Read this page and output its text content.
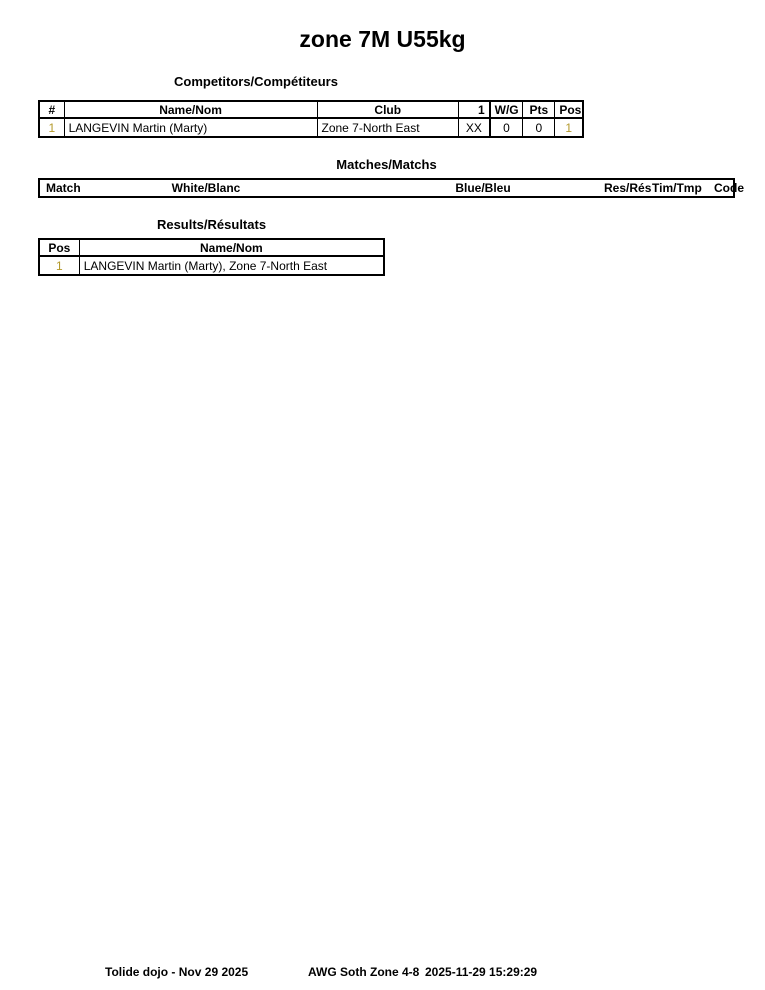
zone 7M U55kg
Competitors/Compétiteurs
#	Name/Nom	Club	1	W/G	Pts	Pos
1	LANGEVIN Martin (Marty)	Zone 7-North East	XX	0	0	1
Matches/Matchs
Match	White/Blanc	Blue/Bleu	Res/Rés Tim/Tmp Code
Results/Résultats
Pos	Name/Nom
1	LANGEVIN Martin (Marty), Zone 7-North East
Tolide dojo - Nov 29 2025	AWG Soth Zone 4-8 2025-11-29 15:29:29
